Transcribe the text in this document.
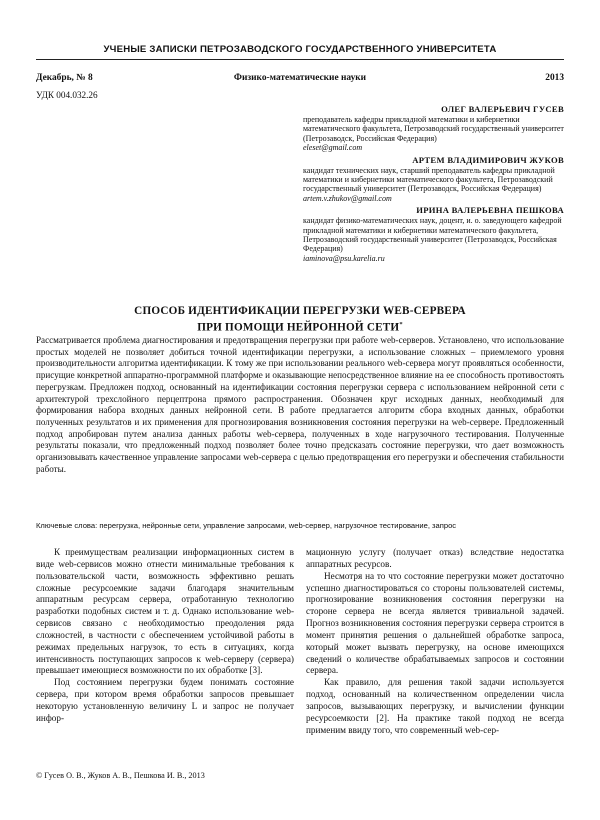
УЧЕНЫЕ ЗАПИСКИ ПЕТРОЗАВОДСКОГО ГОСУДАРСТВЕННОГО УНИВЕРСИТЕТА
Декабрь, № 8	Физико-математические науки	2013
УДК 004.032.26
ОЛЕГ ВАЛЕРЬЕВИЧ ГУСЕВ
преподаватель кафедры прикладной математики и кибернетики математического факультета, Петрозаводский государственный университет (Петрозаводск, Российская Федерация)
eleset@gmail.com
АРТЕМ ВЛАДИМИРОВИЧ ЖУКОВ
кандидат технических наук, старший преподаватель кафедры прикладной математики и кибернетики математического факультета, Петрозаводский государственный университет (Петрозаводск, Российская Федерация)
artem.v.zhukov@gmail.com
ИРИНА ВАЛЕРЬЕВНА ПЕШКОВА
кандидат физико-математических наук, доцент, и. о. заведующего кафедрой прикладной математики и кибернетики математического факультета, Петрозаводский государственный университет (Петрозаводск, Российская Федерация)
iaminova@psu.karelia.ru
СПОСОБ ИДЕНТИФИКАЦИИ ПЕРЕГРУЗКИ WEB-СЕРВЕРА
ПРИ ПОМОЩИ НЕЙРОННОЙ СЕТИ*
Рассматривается проблема диагностирования и предотвращения перегрузки при работе web-серверов. Установлено, что использование простых моделей не позволяет добиться точной идентификации перегрузки, а использование сложных – приемлемого уровня производительности алгоритма идентификации. К тому же при использовании реального web-сервера могут проявляться особенности, присущие конкретной аппаратно-программной платформе и оказывающие непосредственное влияние на ее способность противостоять перегрузкам. Предложен подход, основанный на идентификации состояния перегрузки сервера с использованием нейронной сети с архитектурой трехслойного перцептрона прямого распространения. Обозначен круг исходных данных, необходимый для формирования набора входных данных нейронной сети. В работе предлагается алгоритм сбора входных данных, обработки полученных результатов и их применения для прогнозирования возникновения состояния перегрузки на web-сервере. Предложенный подход апробирован путем анализа данных работы web-сервера, полученных в ходе нагрузочного тестирования. Полученные результаты показали, что предложенный подход позволяет более точно предсказать состояние перегрузки, что дает возможность организовывать качественное управление запросами web-сервера с целью предотвращения его перегрузки и обеспечения стабильности работы.
Ключевые слова: перегрузка, нейронные сети, управление запросами, web-сервер, нагрузочное тестирование, запрос

К преимуществам реализации информационных систем в виде web-сервисов можно отнести минимальные требования к пользовательской части, возможность эффективно решать сложные ресурсоемкие задачи благодаря значительным аппаратным ресурсам сервера, отработанную технологию разработки подобных систем и т. д. Однако использование web-сервисов связано с необходимостью преодоления ряда сложностей, в частности с обеспечением устойчивой работы в режимах предельных нагрузок, то есть в ситуациях, когда интенсивность поступающих запросов к web-серверу (сервера) превышает имеющиеся возможности по их обработке [3].

Под состоянием перегрузки будем понимать состояние сервера, при котором время обработки запросов превышает некоторую установленную величину L и запрос не получает инфор-

мационную услугу (получает отказ) вследствие недостатка аппаратных ресурсов.

Несмотря на то что состояние перегрузки может достаточно успешно диагностироваться со стороны пользователей системы, прогнозирование возникновения состояния перегрузки на стороне сервера не всегда является тривиальной задачей. Прогноз возникновения состояния перегрузки сервера строится в момент принятия решения о дальнейшей обработке запроса, который может вызвать перегрузку, на основе имеющихся сведений о количестве обрабатываемых запросов и состоянии сервера.

Как правило, для решения такой задачи используется подход, основанный на количественном определении числа запросов, вызывающих перегрузку, и вычислении функции ресурсоемкости [2]. На практике такой подход не всегда применим ввиду того, что современный web-сер-

© Гусев О. В., Жуков А. В., Пешкова И. В., 2013
